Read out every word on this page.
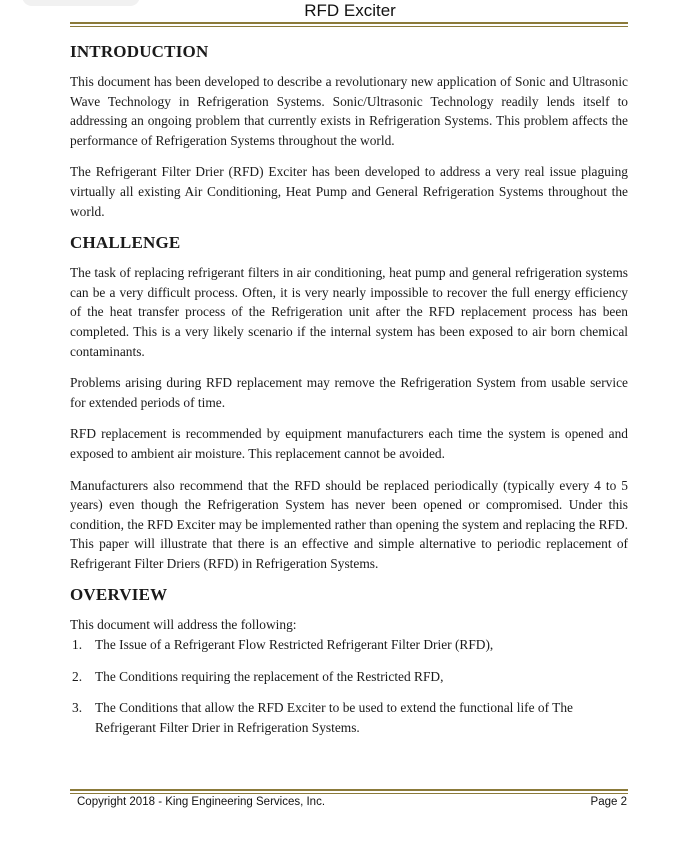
RFD Exciter
INTRODUCTION

This document has been developed to describe a revolutionary new application of Sonic and Ultrasonic Wave Technology in Refrigeration Systems. Sonic/Ultrasonic Technology readily lends itself to addressing an ongoing problem that currently exists in Refrigeration Systems. This problem affects the performance of Refrigeration Systems throughout the world.

The Refrigerant Filter Drier (RFD) Exciter has been developed to address a very real issue plaguing virtually all existing Air Conditioning, Heat Pump and General Refrigeration Systems throughout the world.

CHALLENGE

The task of replacing refrigerant filters in air conditioning, heat pump and general refrigeration systems can be a very difficult process. Often, it is very nearly impossible to recover the full energy efficiency of the heat transfer process of the Refrigeration unit after the RFD replacement process has been completed. This is a very likely scenario if the internal system has been exposed to air born chemical contaminants.

Problems arising during RFD replacement may remove the Refrigeration System from usable service for extended periods of time.

RFD replacement is recommended by equipment manufacturers each time the system is opened and exposed to ambient air moisture. This replacement cannot be avoided.

Manufacturers also recommend that the RFD should be replaced periodically (typically every 4 to 5 years) even though the Refrigeration System has never been opened or compromised. Under this condition, the RFD Exciter may be implemented rather than opening the system and replacing the RFD. This paper will illustrate that there is an effective and simple alternative to periodic replacement of Refrigerant Filter Driers (RFD) in Refrigeration Systems.

OVERVIEW

This document will address the following:

1. The Issue of a Refrigerant Flow Restricted Refrigerant Filter Drier (RFD),
2. The Conditions requiring the replacement of the Restricted RFD,
3. The Conditions that allow the RFD Exciter to be used to extend the functional life of The Refrigerant Filter Drier in Refrigeration Systems.
Copyright 2018 - King Engineering Services, Inc.	Page 2
